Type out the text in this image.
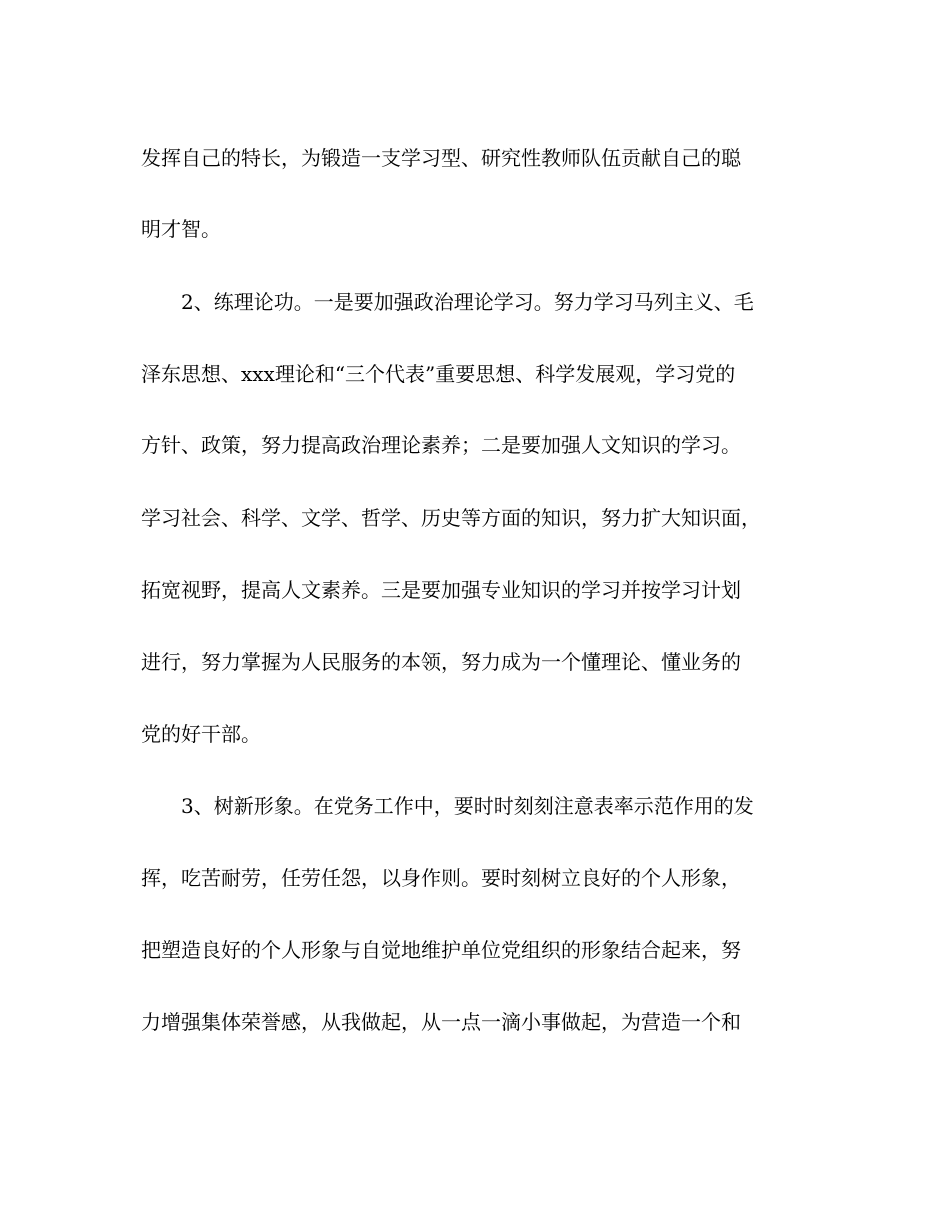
发挥自己的特长，为锻造一支学习型、研究性教师队伍贡献自己的聪

明才智。

2、练理论功。一是要加强政治理论学习。努力学习马列主义、毛

泽东思想、xxx理论和“三个代表”重要思想、科学发展观，学习党的

方针、政策，努力提高政治理论素养；二是要加强人文知识的学习。

学习社会、科学、文学、哲学、历史等方面的知识，努力扩大知识面，

拓宽视野，提高人文素养。三是要加强专业知识的学习并按学习计划

进行，努力掌握为人民服务的本领，努力成为一个懂理论、懂业务的

党的好干部。

3、树新形象。在党务工作中，要时时刻刻注意表率示范作用的发

挥，吃苦耐劳，任劳任怨，以身作则。要时刻树立良好的个人形象，

把塑造良好的个人形象与自觉地维护单位党组织的形象结合起来，努

力增强集体荣誉感，从我做起，从一点一滴小事做起，为营造一个和
